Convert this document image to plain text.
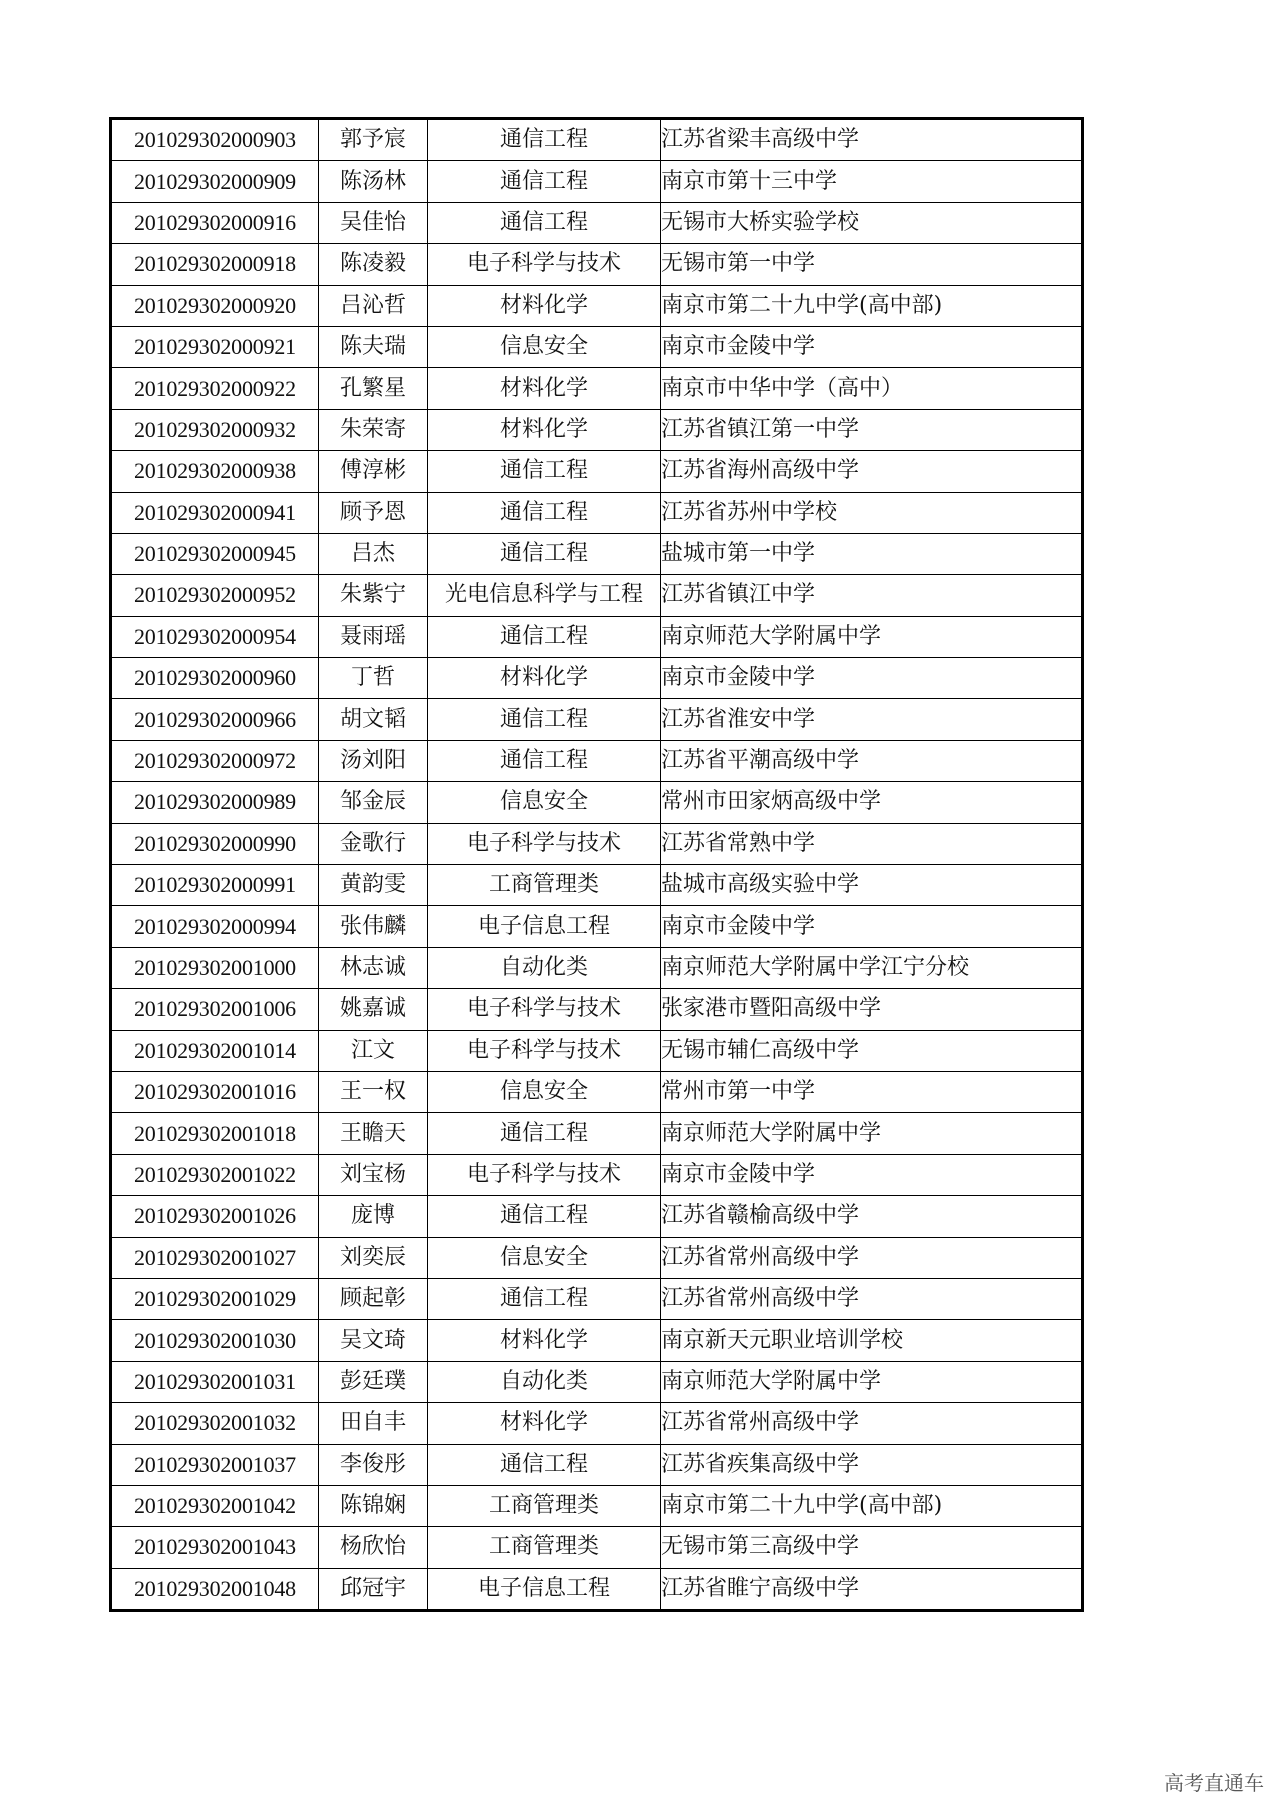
20102930200090​3	郭予宸	通信工程	江苏省梁丰高级中学
201029302000909	陈汤林	通信工程	南京市第十三中学
201029302000916	吴佳怡	通信工程	无锡市大桥实验学校
201029302000918	陈凌毅	电子科学与技术	无锡市第一中学
201029302000920	吕沁哲	材料化学	南京市第二十九中学(高中部)
201029302000921	陈夫瑞	信息安全	南京市金陵中学
201029302000922	孔繁星	材料化学	南京市中华中学（高中）
201029302000932	朱荣寄	材料化学	江苏省镇江第一中学
201029302000938	傅淳彬	通信工程	江苏省海州高级中学
201029302000941	顾予恩	通信工程	江苏省苏州中学校
201029302000945	吕杰	通信工程	盐城市第一中学
201029302000952	朱紫宁	光电信息科学与工程	江苏省镇江中学
201029302000954	聂雨瑶	通信工程	南京师范大学附属中学
201029302000960	丁哲	材料化学	南京市金陵中学
201029302000966	胡文韬	通信工程	江苏省淮安中学
201029302000972	汤刘阳	通信工程	江苏省平潮高级中学
201029302000989	邹金辰	信息安全	常州市田家炳高级中学
201029302000990	金歌行	电子科学与技术	江苏省常熟中学
201029302000991	黄韵雯	工商管理类	盐城市高级实验中学
201029302000994	张伟麟	电子信息工程	南京市金陵中学
201029302001000	林志诚	自动化类	南京师范大学附属中学江宁分校
201029302001006	姚嘉诚	电子科学与技术	张家港市暨阳高级中学
201029302001014	江文	电子科学与技术	无锡市辅仁高级中学
201029302001016	王一权	信息安全	常州市第一中学
201029302001018	王瞻天	通信工程	南京师范大学附属中学
201029302001022	刘宝杨	电子科学与技术	南京市金陵中学
201029302001026	庞博	通信工程	江苏省赣榆高级中学
201029302001027	刘奕辰	信息安全	江苏省常州高级中学
201029302001029	顾起彰	通信工程	江苏省常州高级中学
201029302001030	吴文琦	材料化学	南京新天元职业培训学校
201029302001031	彭廷璞	自动化类	南京师范大学附属中学
201029302001032	田自丰	材料化学	江苏省常州高级中学
201029302001037	李俊彤	通信工程	江苏省疾集高级中学
201029302001042	陈锦娴	工商管理类	南京市第二十九中学(高中部)
201029302001043	杨欣怡	工商管理类	无锡市第三高级中学
201029302001048	邱冠宇	电子信息工程	江苏省睢宁高级中学
高考直通车
